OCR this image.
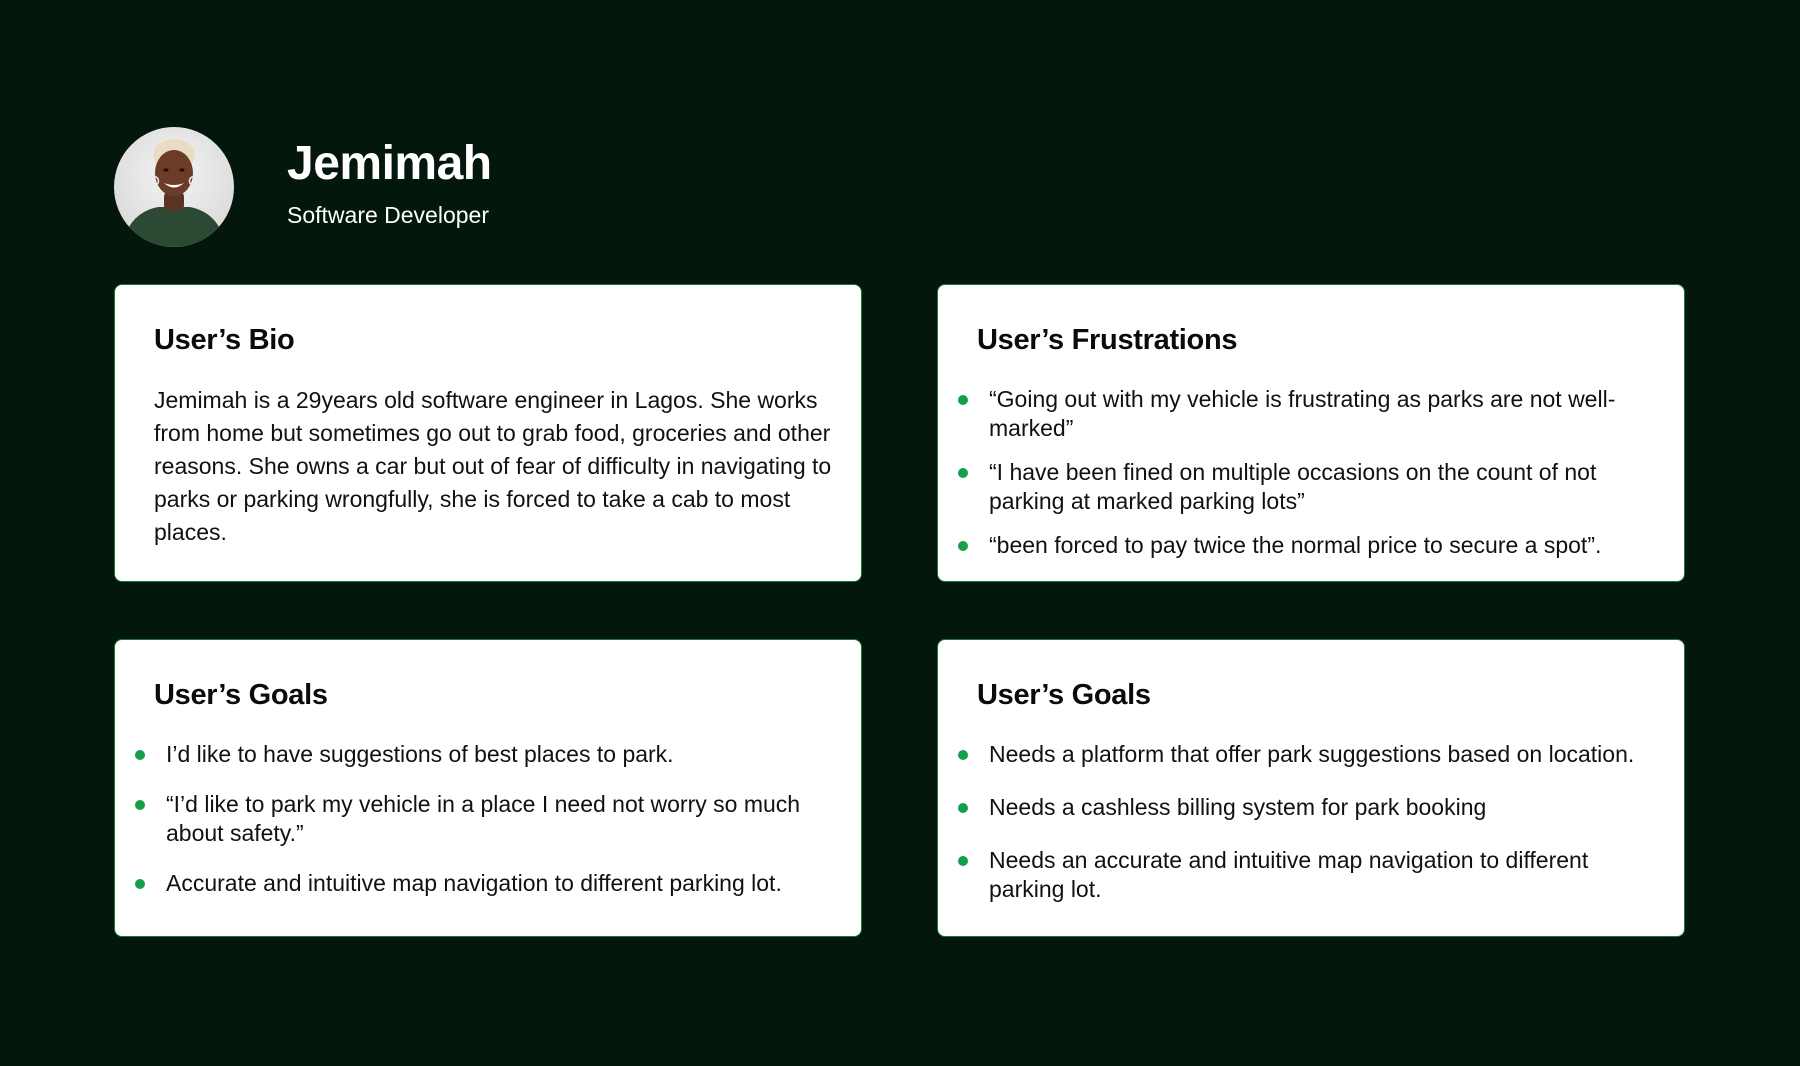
Jemimah
Software Developer
User’s Bio

Jemimah is a 29years old software engineer in Lagos. She works from home but sometimes go out to grab food, groceries and other reasons. She owns a car but out of fear of difficulty in navigating to parks or parking wrongfully, she is forced to take a cab to most places.

User’s Frustrations
“Going out with my vehicle is frustrating as parks are not well-marked”
“I have been fined on multiple occasions on the count of not parking at marked parking lots”
“been forced to pay twice the normal price to secure a spot”.
User’s Goals
I’d like to have suggestions of best places to park.
“I’d like to park my vehicle in a place I need not worry so much about safety.”
Accurate and intuitive map navigation to different parking lot.
User’s Goals
Needs a platform that offer park suggestions based on location.
Needs a cashless billing system for park booking
Needs an accurate and intuitive map navigation to different parking lot.
